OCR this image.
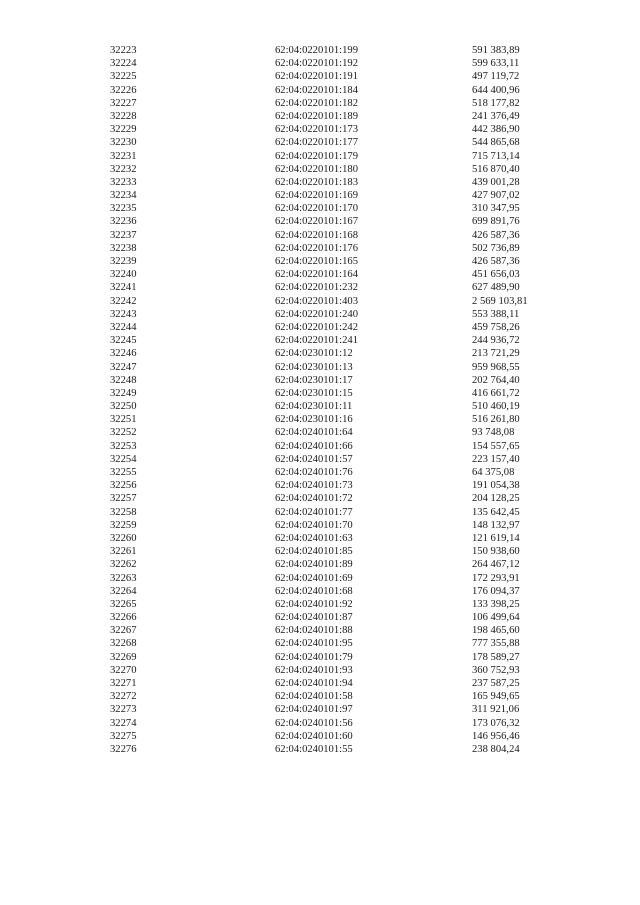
32223	62:04:0220101:199	591 383,89
32224	62:04:0220101:192	599 633,11
32225	62:04:0220101:191	497 119,72
32226	62:04:0220101:184	644 400,96
32227	62:04:0220101:182	518 177,82
32228	62:04:0220101:189	241 376,49
32229	62:04:0220101:173	442 386,90
32230	62:04:0220101:177	544 865,68
32231	62:04:0220101:179	715 713,14
32232	62:04:0220101:180	516 870,40
32233	62:04:0220101:183	439 001,28
32234	62:04:0220101:169	427 907,02
32235	62:04:0220101:170	310 347,95
32236	62:04:0220101:167	699 891,76
32237	62:04:0220101:168	426 587,36
32238	62:04:0220101:176	502 736,89
32239	62:04:0220101:165	426 587,36
32240	62:04:0220101:164	451 656,03
32241	62:04:0220101:232	627 489,90
32242	62:04:0220101:403	2 569 103,81
32243	62:04:0220101:240	553 388,11
32244	62:04:0220101:242	459 758,26
32245	62:04:0220101:241	244 936,72
32246	62:04:0230101:12	213 721,29
32247	62:04:0230101:13	959 968,55
32248	62:04:0230101:17	202 764,40
32249	62:04:0230101:15	416 661,72
32250	62:04:0230101:11	510 460,19
32251	62:04:0230101:16	516 261,80
32252	62:04:0240101:64	93 748,08
32253	62:04:0240101:66	154 557,65
32254	62:04:0240101:57	223 157,40
32255	62:04:0240101:76	64 375,08
32256	62:04:0240101:73	191 054,38
32257	62:04:0240101:72	204 128,25
32258	62:04:0240101:77	135 642,45
32259	62:04:0240101:70	148 132,97
32260	62:04:0240101:63	121 619,14
32261	62:04:0240101:85	150 938,60
32262	62:04:0240101:89	264 467,12
32263	62:04:0240101:69	172 293,91
32264	62:04:0240101:68	176 094,37
32265	62:04:0240101:92	133 398,25
32266	62:04:0240101:87	106 499,64
32267	62:04:0240101:88	198 465,60
32268	62:04:0240101:95	777 355,88
32269	62:04:0240101:79	178 589,27
32270	62:04:0240101:93	360 752,93
32271	62:04:0240101:94	237 587,25
32272	62:04:0240101:58	165 949,65
32273	62:04:0240101:97	311 921,06
32274	62:04:0240101:56	173 076,32
32275	62:04:0240101:60	146 956,46
32276	62:04:0240101:55	238 804,24
